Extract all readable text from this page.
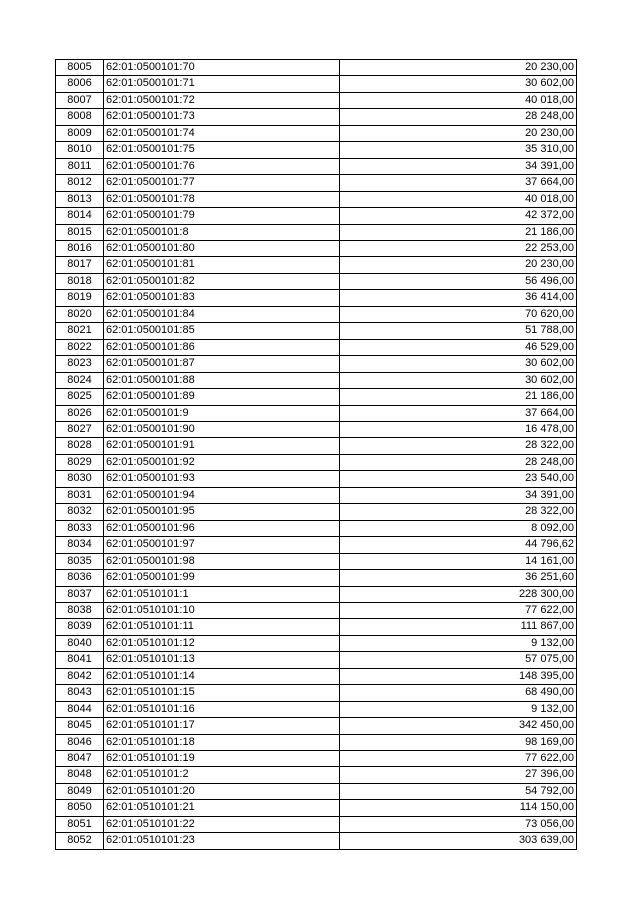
8005	62:01:0500101:70	20 230,00
8006	62:01:0500101:71	30 602,00
8007	62:01:0500101:72	40 018,00
8008	62:01:0500101:73	28 248,00
8009	62:01:0500101:74	20 230,00
8010	62:01:0500101:75	35 310,00
8011	62:01:0500101:76	34 391,00
8012	62:01:0500101:77	37 664,00
8013	62:01:0500101:78	40 018,00
8014	62:01:0500101:79	42 372,00
8015	62:01:0500101:8	21 186,00
8016	62:01:0500101:80	22 253,00
8017	62:01:0500101:81	20 230,00
8018	62:01:0500101:82	56 496,00
8019	62:01:0500101:83	36 414,00
8020	62:01:0500101:84	70 620,00
8021	62:01:0500101:85	51 788,00
8022	62:01:0500101:86	46 529,00
8023	62:01:0500101:87	30 602,00
8024	62:01:0500101:88	30 602,00
8025	62:01:0500101:89	21 186,00
8026	62:01:0500101:9	37 664,00
8027	62:01:0500101:90	16 478,00
8028	62:01:0500101:91	28 322,00
8029	62:01:0500101:92	28 248,00
8030	62:01:0500101:93	23 540,00
8031	62:01:0500101:94	34 391,00
8032	62:01:0500101:95	28 322,00
8033	62:01:0500101:96	8 092,00
8034	62:01:0500101:97	44 796,62
8035	62:01:0500101:98	14 161,00
8036	62:01:0500101:99	36 251,60
8037	62:01:0510101:1	228 300,00
8038	62:01:0510101:10	77 622,00
8039	62:01:0510101:11	111 867,00
8040	62:01:0510101:12	9 132,00
8041	62:01:0510101:13	57 075,00
8042	62:01:0510101:14	148 395,00
8043	62:01:0510101:15	68 490,00
8044	62:01:0510101:16	9 132,00
8045	62:01:0510101:17	342 450,00
8046	62:01:0510101:18	98 169,00
8047	62:01:0510101:19	77 622,00
8048	62:01:0510101:2	27 396,00
8049	62:01:0510101:20	54 792,00
8050	62:01:0510101:21	114 150,00
8051	62:01:0510101:22	73 056,00
8052	62:01:0510101:23	303 639,00
